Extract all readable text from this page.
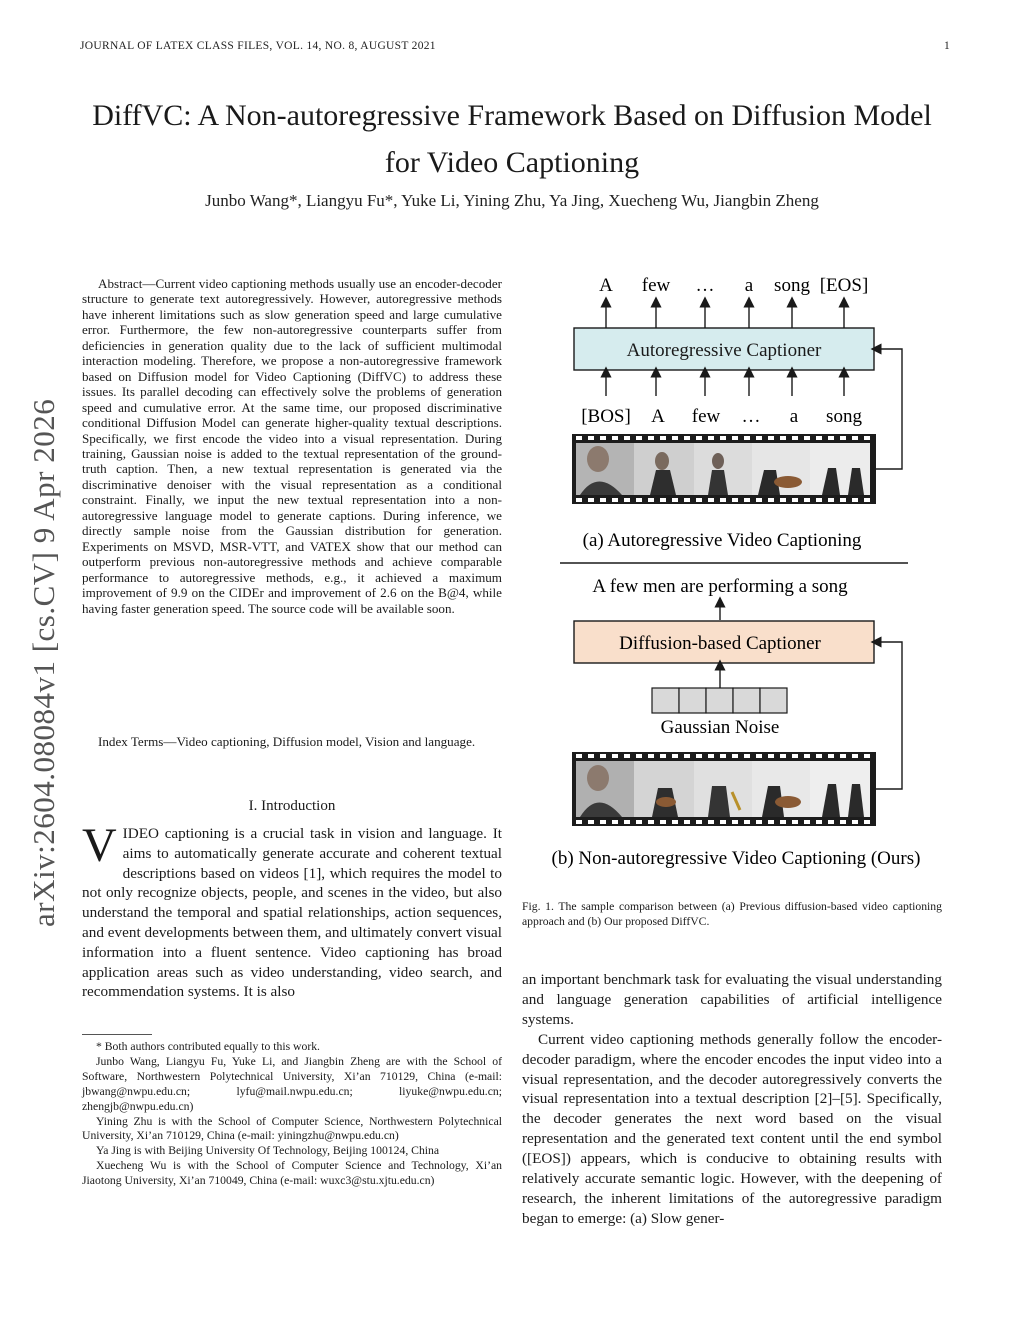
JOURNAL OF LATEX CLASS FILES, VOL. 14, NO. 8, AUGUST 2021	1
DiffVC: A Non-autoregressive Framework Based on Diffusion Model
for Video Captioning
Junbo Wang*, Liangyu Fu*, Yuke Li, Yining Zhu, Ya Jing, Xuecheng Wu, Jiangbin Zheng
arXiv:2604.08084v1 [cs.CV] 9 Apr 2026

Abstract—Current video captioning methods usually use an encoder-decoder structure to generate text autoregressively. However, autoregressive methods have inherent limitations such as slow generation speed and large cumulative error. Furthermore, the few non-autoregressive counterparts suffer from deficiencies in generation quality due to the lack of sufficient multimodal interaction modeling. Therefore, we propose a non-autoregressive framework based on Diffusion model for Video Captioning (DiffVC) to address these issues. Its parallel decoding can effectively solve the problems of generation speed and cumulative error. At the same time, our proposed discriminative conditional Diffusion Model can generate higher-quality textual descriptions. Specifically, we first encode the video into a visual representation. During training, Gaussian noise is added to the textual representation of the ground-truth caption. Then, a new textual representation is generated via the discriminative denoiser with the visual representation as a conditional constraint. Finally, we input the new textual representation into a non-autoregressive language model to generate captions. During inference, we directly sample noise from the Gaussian distribution for generation. Experiments on MSVD, MSR-VTT, and VATEX show that our method can outperform previous non-autoregressive methods and achieve comparable performance to autoregressive methods, e.g., it achieved a maximum improvement of 9.9 on the CIDEr and improvement of 2.6 on the B@4, while having faster generation speed. The source code will be available soon.

Index Terms—Video captioning, Diffusion model, Vision and language.

I. Introduction

VIDEO captioning is a crucial task in vision and language. It aims to automatically generate accurate and coherent textual descriptions based on videos [1], which requires the model to not only recognize objects, people, and scenes in the video, but also understand the temporal and spatial relationships, action sequences, and event developments between them, and ultimately convert visual information into a fluent sentence. Video captioning has broad application areas such as video understanding, video search, and recommendation systems. It is also

* Both authors contributed equally to this work.

Junbo Wang, Liangyu Fu, Yuke Li, and Jiangbin Zheng are with the School of Software, Northwestern Polytechnical University, Xi’an 710129, China (e-mail: jbwang@nwpu.edu.cn; lyfu@mail.nwpu.edu.cn; liyuke@nwpu.edu.cn; zhengjb@nwpu.edu.cn)

Yining Zhu is with the School of Computer Science, Northwestern Polytechnical University, Xi’an 710129, China (e-mail: yiningzhu@nwpu.edu.cn)

Ya Jing is with Beijing University Of Technology, Beijing 100124, China

Xuecheng Wu is with the School of Computer Science and Technology, Xi’an Jiaotong University, Xi’an 710049, China (e-mail: wuxc3@stu.xjtu.edu.cn)

A few … a song [EOS]
Autoregressive Captioner
[BOS] A few … a song
(a) Autoregressive Video Captioning
A few men are performing a song
Diffusion-based Captioner
Gaussian Noise
(b) Non-autoregressive Video Captioning (Ours)
Fig. 1. The sample comparison between (a) Previous diffusion-based video captioning approach and (b) Our proposed DiffVC.

an important benchmark task for evaluating the visual understanding and language generation capabilities of artificial intelligence systems.

Current video captioning methods generally follow the encoder-decoder paradigm, where the encoder encodes the input video into a visual representation, and the decoder autoregressively converts the visual representation into a textual description [2]–[5]. Specifically, the decoder generates the next word based on the visual representation and the generated text content until the end symbol ([EOS]) appears, which is conducive to obtaining results with relatively accurate semantic logic. However, with the deepening of research, the inherent limitations of the autoregressive paradigm began to emerge: (a) Slow gener-
